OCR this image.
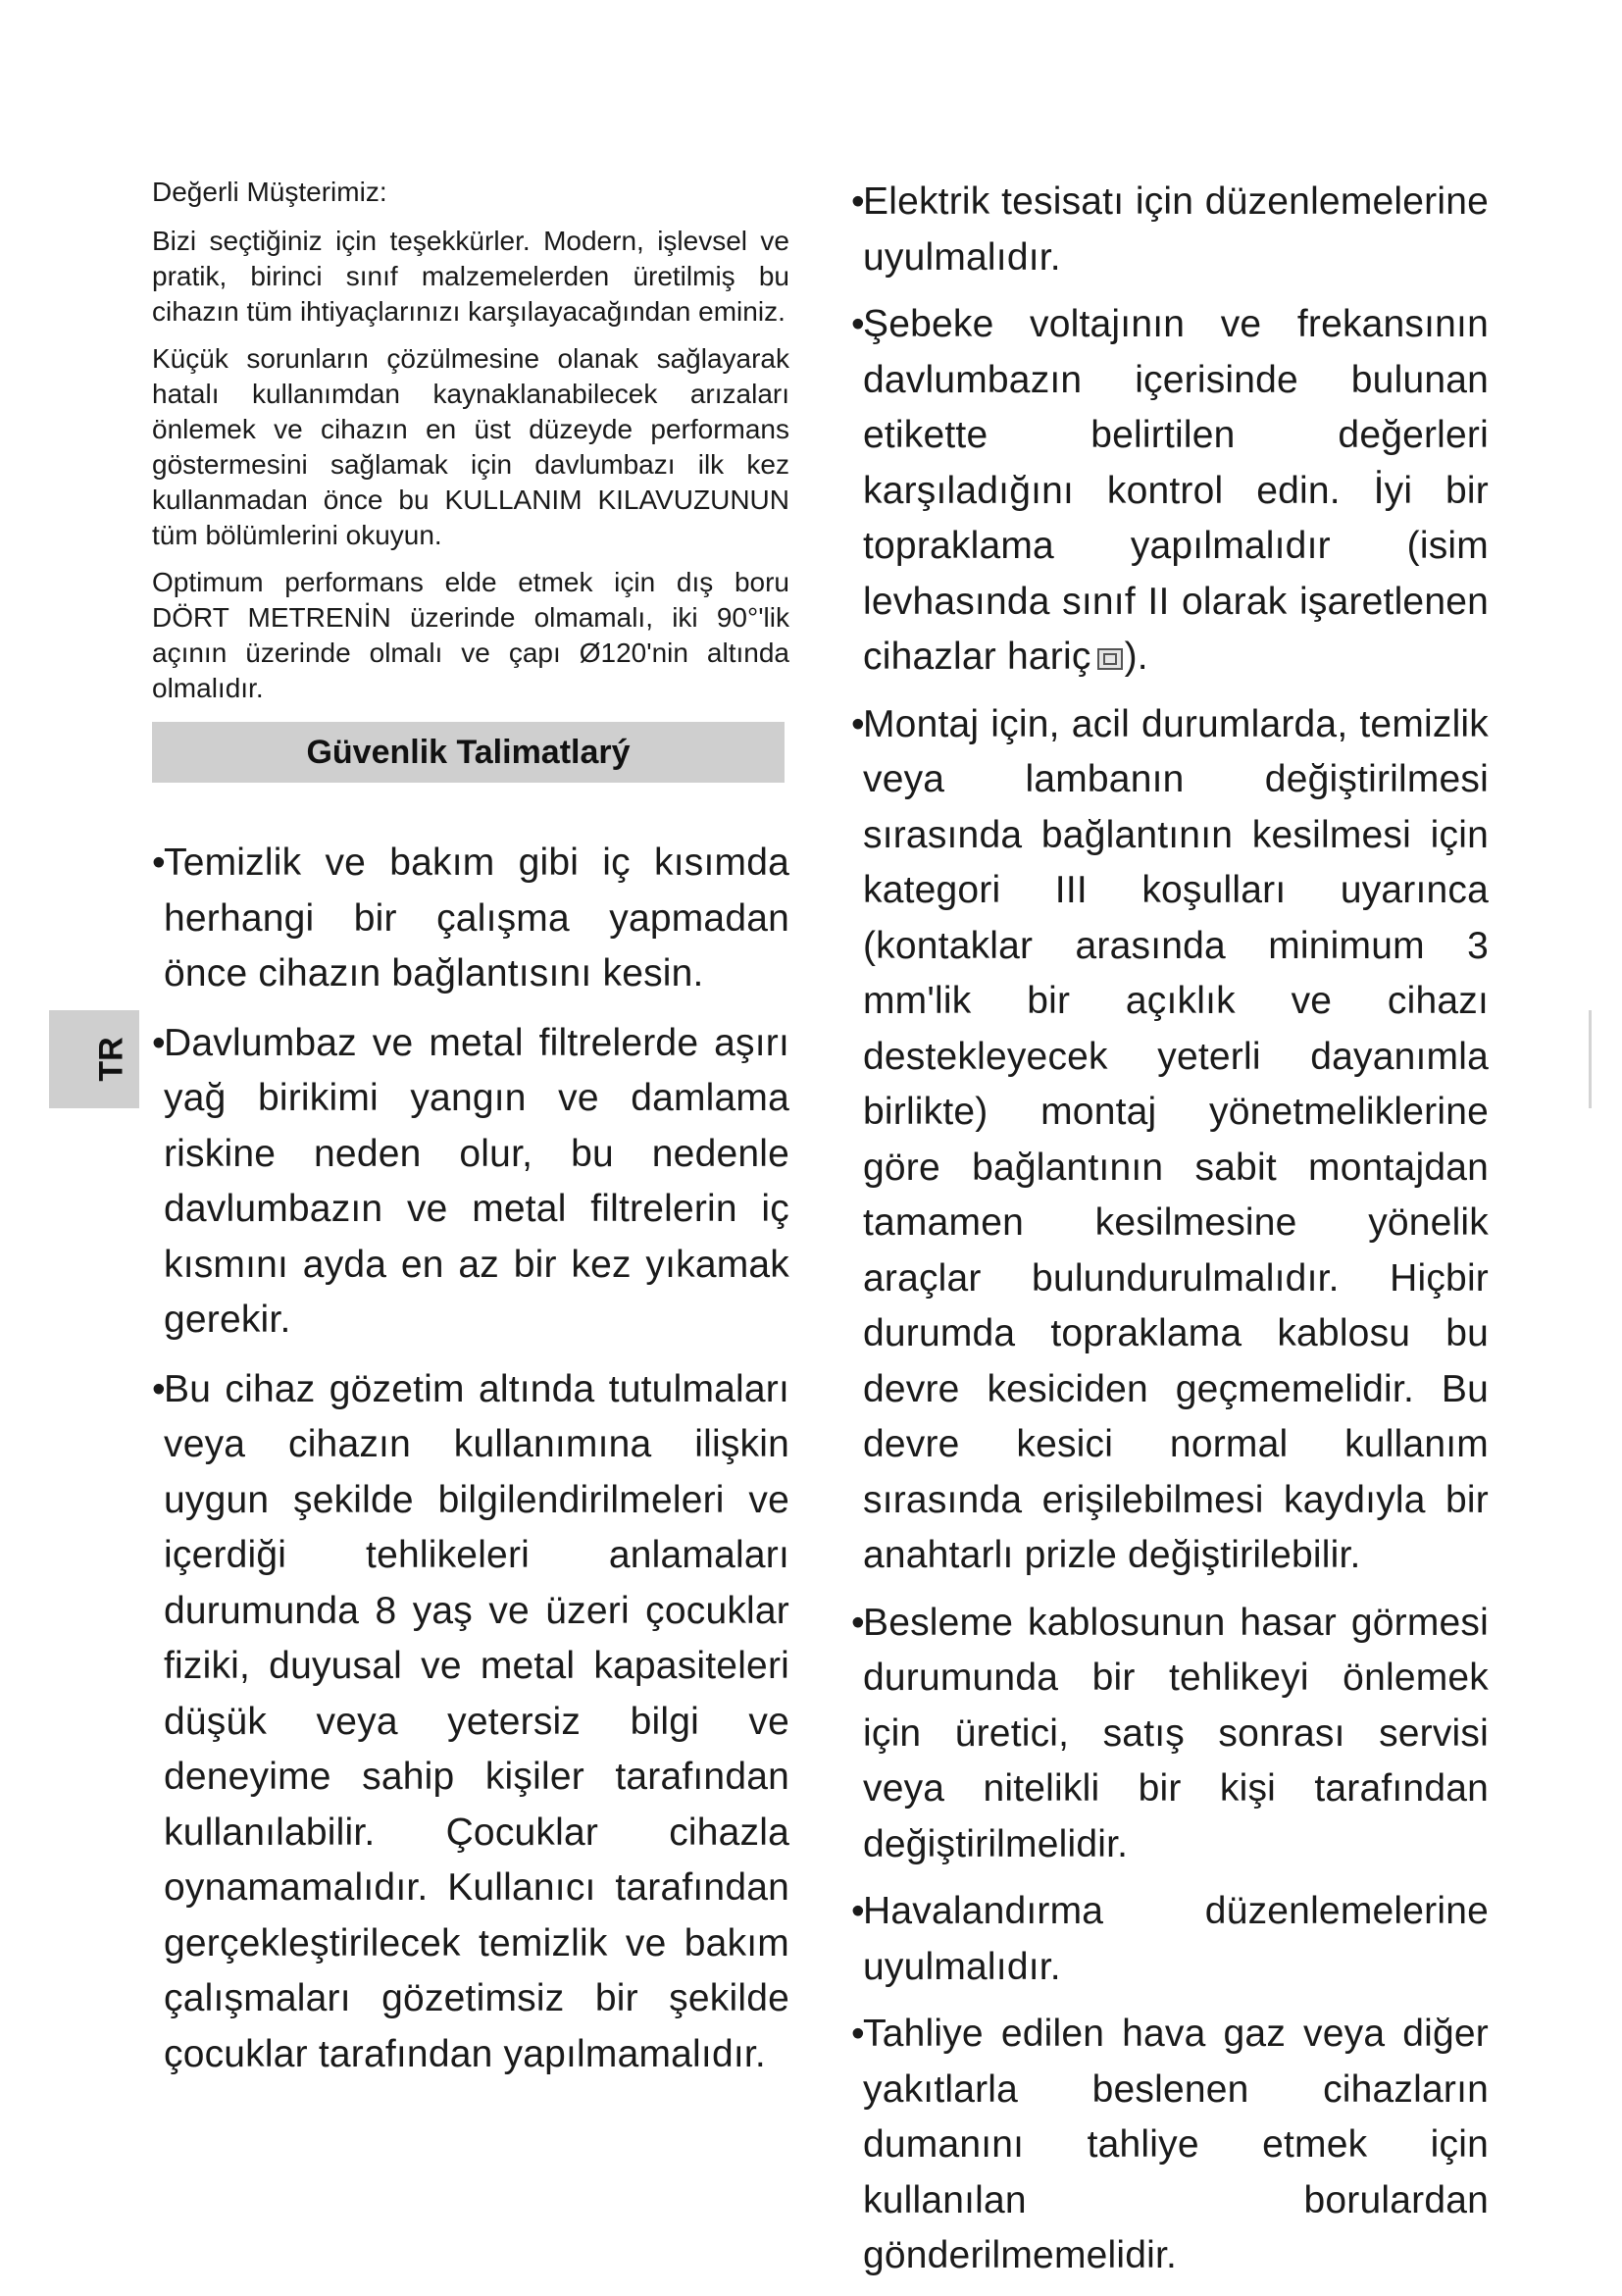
TR

Değerli Müşterimiz:

Bizi seçtiğiniz için teşekkürler. Modern, işlevsel ve pratik, birinci sınıf malzemelerden üretilmiş bu cihazın tüm ihtiyaçlarınızı karşılayacağından eminiz.

Küçük sorunların çözülmesine olanak sağlayarak hatalı kullanımdan kaynaklanabilecek arızaları önlemek ve cihazın en üst düzeyde performans göstermesini sağlamak için davlumbazı ilk kez kullanmadan önce bu KULLANIM KILAVUZUNUN tüm bölümlerini okuyun.

Optimum performans elde etmek için dış boru DÖRT METRENİN üzerinde olmamalı, iki 90°'lik açının üzerinde olmalı ve çapı Ø120'nin altında olmalıdır.

Güvenlik Talimatlarý
•Temizlik ve bakım gibi iç kısımda herhangi bir çalışma yapmadan önce cihazın bağlantısını kesin.
•Davlumbaz ve metal filtrelerde aşırı yağ birikimi yangın ve damlama riskine neden olur, bu nedenle davlumbazın ve metal filtrelerin iç kısmını ayda en az bir kez yıkamak gerekir.
•Bu cihaz gözetim altında tutulmaları veya cihazın kullanımına ilişkin uygun şekilde bilgilendirilmeleri ve içerdiği tehlikeleri anlamaları durumunda 8 yaş ve üzeri çocuklar fiziki, duyusal ve metal kapasiteleri düşük veya yetersiz bilgi ve deneyime sahip kişiler tarafından kullanılabilir. Çocuklar cihazla oynamamalıdır. Kullanıcı tarafından gerçekleştirilecek temizlik ve bakım çalışmaları gözetimsiz bir şekilde çocuklar tarafından yapılmamalıdır.
•Elektrik tesisatı için düzenlemelerine uyulmalıdır.
•Şebeke voltajının ve frekansının davlumbazın içerisinde bulunan etikette belirtilen değerleri karşıladığını kontrol edin. İyi bir topraklama yapılmalıdır (isim levhasında sınıf II olarak işaretlenen cihazlar hariç ).
•Montaj için, acil durumlarda, temizlik veya lambanın değiştirilmesi sırasında bağlantının kesilmesi için kategori III koşulları uyarınca (kontaklar arasında minimum 3 mm'lik bir açıklık ve cihazı destekleyecek yeterli dayanımla birlikte) montaj yönetmeliklerine göre bağlantının sabit montajdan tamamen kesilmesine yönelik araçlar bulundurulmalıdır. Hiçbir durumda topraklama kablosu bu devre kesiciden geçmemelidir. Bu devre kesici normal kullanım sırasında erişilebilmesi kaydıyla bir anahtarlı prizle değiştirilebilir.
•Besleme kablosunun hasar görmesi durumunda bir tehlikeyi önlemek için üretici, satış sonrası servisi veya nitelikli bir kişi tarafından değiştirilmelidir.
•Havalandırma düzenlemelerine uyulmalıdır.
•Tahliye edilen hava gaz veya diğer yakıtlarla beslenen cihazların dumanını tahliye etmek için kullanılan borulardan gönderilmemelidir.
